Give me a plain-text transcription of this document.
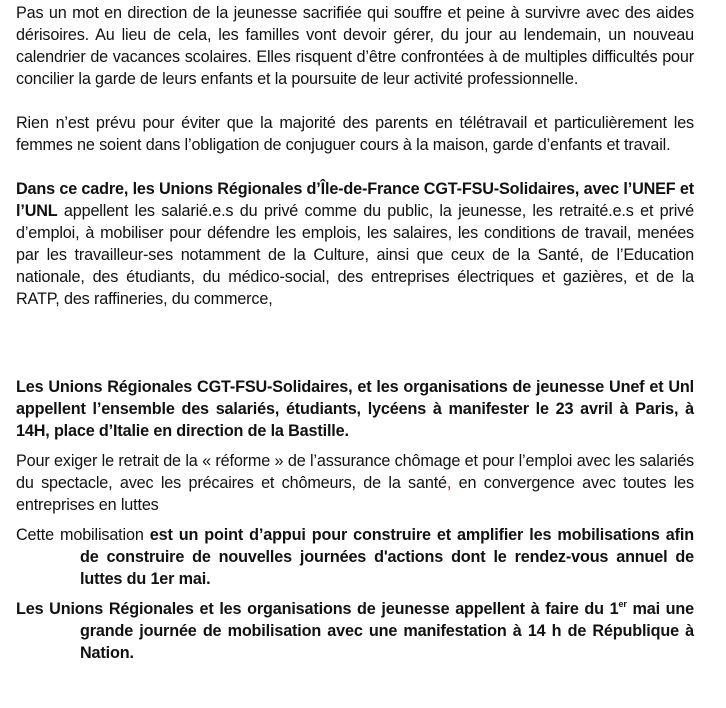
Pas un mot en direction de la jeunesse sacrifiée qui souffre et peine à survivre avec des aides dérisoires. Au lieu de cela, les familles vont devoir gérer, du jour au lendemain, un nouveau calendrier de vacances scolaires. Elles risquent d’être confrontées à de multiples difficultés pour concilier la garde de leurs enfants et la poursuite de leur activité professionnelle.

Rien n’est prévu pour éviter que la majorité des parents en télétravail et particulièrement les femmes ne soient dans l’obligation de conjuguer cours à la maison, garde d’enfants et travail.

Dans ce cadre, les Unions Régionales d’Île-de-France CGT-FSU-Solidaires, avec l’UNEF et l’UNL appellent les salarié.e.s du privé comme du public, la jeunesse, les retraité.e.s et privé d’emploi, à mobiliser pour défendre les emplois, les salaires, les conditions de travail, menées par les travailleur-ses notamment de la Culture, ainsi que ceux de la Santé, de l’Education nationale, des étudiants, du médico-social, des entreprises électriques et gazières, et de la RATP, des raffineries, du commerce,

Les Unions Régionales CGT-FSU-Solidaires, et les organisations de jeunesse Unef et Unl appellent l’ensemble des salariés, étudiants, lycéens à manifester le 23 avril à Paris, à 14H, place d’Italie en direction de la Bastille.

Pour exiger le retrait de la « réforme » de l’assurance chômage et pour l’emploi avec les salariés du spectacle, avec les précaires et chômeurs, de la santé, en convergence avec toutes les entreprises en luttes

Cette mobilisation est un point d’appui pour construire et amplifier les mobilisations afin de construire de nouvelles journées d'actions dont le rendez-vous annuel de luttes du 1er mai.

Les Unions Régionales et les organisations de jeunesse appellent à faire du 1er mai une grande journée de mobilisation avec une manifestation à 14 h de République à Nation.
